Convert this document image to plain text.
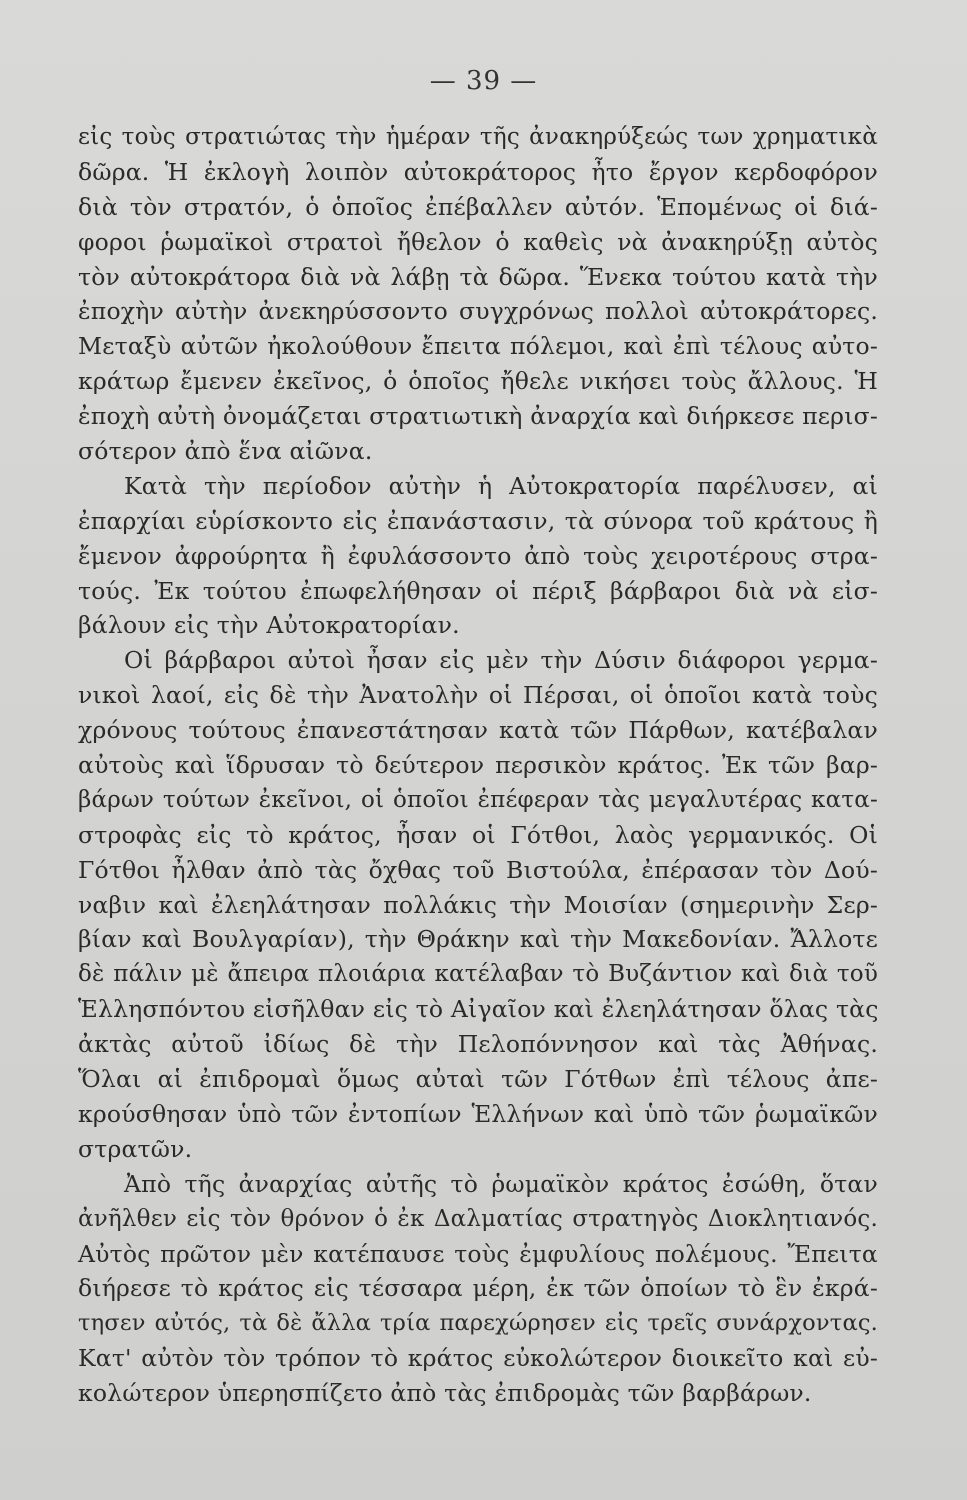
— 39 —
εἰς τοὺς στρατιώτας τὴν ἡμέραν τῆς ἀνακηρύξεώς των χρηματικὰ
δῶρα. Ἡ ἐκλογὴ λοιπὸν αὐτοκράτορος ἦτο ἔργον κερδοφόρον
διὰ τὸν στρατόν, ὁ ὁποῖος ἐπέβαλλεν αὐτόν. Ἑπομένως οἱ διά-
φοροι ῥωμαϊκοὶ στρατοὶ ἤθελον ὁ καθεὶς νὰ ἀνακηρύξῃ αὐτὸς
τὸν αὐτοκράτορα διὰ νὰ λάβῃ τὰ δῶρα. Ἕνεκα τούτου κατὰ τὴν
ἐποχὴν αὐτὴν ἀνεκηρύσσοντο συγχρόνως πολλοὶ αὐτοκράτορες.
Μεταξὺ αὐτῶν ἠκολούθουν ἔπειτα πόλεμοι, καὶ ἐπὶ τέλους αὐτο-
κράτωρ ἔμενεν ἐκεῖνος, ὁ ὁποῖος ἤθελε νικήσει τοὺς ἄλλους. Ἡ
ἐποχὴ αὐτὴ ὀνομάζεται στρατιωτικὴ ἀναρχία καὶ διήρκεσε περισ-
σότερον ἀπὸ ἕνα αἰῶνα.
Κατὰ τὴν περίοδον αὐτὴν ἡ Αὐτοκρατορία παρέλυσεν, αἱ
ἐπαρχίαι εὑρίσκοντο εἰς ἐπανάστασιν, τὰ σύνορα τοῦ κράτους ἢ
ἔμενον ἀφρούρητα ἢ ἐφυλάσσοντο ἀπὸ τοὺς χειροτέρους στρα-
τούς. Ἐκ τούτου ἐπωφελήθησαν οἱ πέριξ βάρβαροι διὰ νὰ εἰσ-
βάλουν εἰς τὴν Αὐτοκρατορίαν.
Οἱ βάρβαροι αὐτοὶ ἦσαν εἰς μὲν τὴν Δύσιν διάφοροι γερμα-
νικοὶ λαοί, εἰς δὲ τὴν Ἀνατολὴν οἱ Πέρσαι, οἱ ὁποῖοι κατὰ τοὺς
χρόνους τούτους ἐπανεστάτησαν κατὰ τῶν Πάρθων, κατέβαλαν
αὐτοὺς καὶ ἵδρυσαν τὸ δεύτερον περσικὸν κράτος. Ἐκ τῶν βαρ-
βάρων τούτων ἐκεῖνοι, οἱ ὁποῖοι ἐπέφεραν τὰς μεγαλυτέρας κατα-
στροφὰς εἰς τὸ κράτος, ἦσαν οἱ Γότθοι, λαὸς γερμανικός. Οἱ
Γότθοι ἦλθαν ἀπὸ τὰς ὄχθας τοῦ Βιστούλα, ἐπέρασαν τὸν Δού-
ναβιν καὶ ἐλεηλάτησαν πολλάκις τὴν Μοισίαν (σημερινὴν Σερ-
βίαν καὶ Βουλγαρίαν), τὴν Θράκην καὶ τὴν Μακεδονίαν. Ἄλλοτε
δὲ πάλιν μὲ ἄπειρα πλοιάρια κατέλαβαν τὸ Βυζάντιον καὶ διὰ τοῦ
Ἑλλησπόντου εἰσῆλθαν εἰς τὸ Αἰγαῖον καὶ ἐλεηλάτησαν ὅλας τὰς
ἀκτὰς αὐτοῦ ἰδίως δὲ τὴν Πελοπόννησον καὶ τὰς Ἀθήνας.
Ὅλαι αἱ ἐπιδρομαὶ ὅμως αὐταὶ τῶν Γότθων ἐπὶ τέλους ἀπε-
κρούσθησαν ὑπὸ τῶν ἐντοπίων Ἑλλήνων καὶ ὑπὸ τῶν ῥωμαϊκῶν
στρατῶν.
Ἀπὸ τῆς ἀναρχίας αὐτῆς τὸ ῥωμαϊκὸν κράτος ἐσώθη, ὅταν
ἀνῆλθεν εἰς τὸν θρόνον ὁ ἐκ Δαλματίας στρατηγὸς Διοκλητιανός.
Αὐτὸς πρῶτον μὲν κατέπαυσε τοὺς ἐμφυλίους πολέμους. Ἔπειτα
διήρεσε τὸ κράτος εἰς τέσσαρα μέρη, ἐκ τῶν ὁποίων τὸ ἓν ἐκρά-
τησεν αὐτός, τὰ δὲ ἄλλα τρία παρεχώρησεν εἰς τρεῖς συνάρχοντας.
Κατ' αὐτὸν τὸν τρόπον τὸ κράτος εὐκολώτερον διοικεῖτο καὶ εὐ-
κολώτερον ὑπερησπίζετο ἀπὸ τὰς ἐπιδρομὰς τῶν βαρβάρων.
